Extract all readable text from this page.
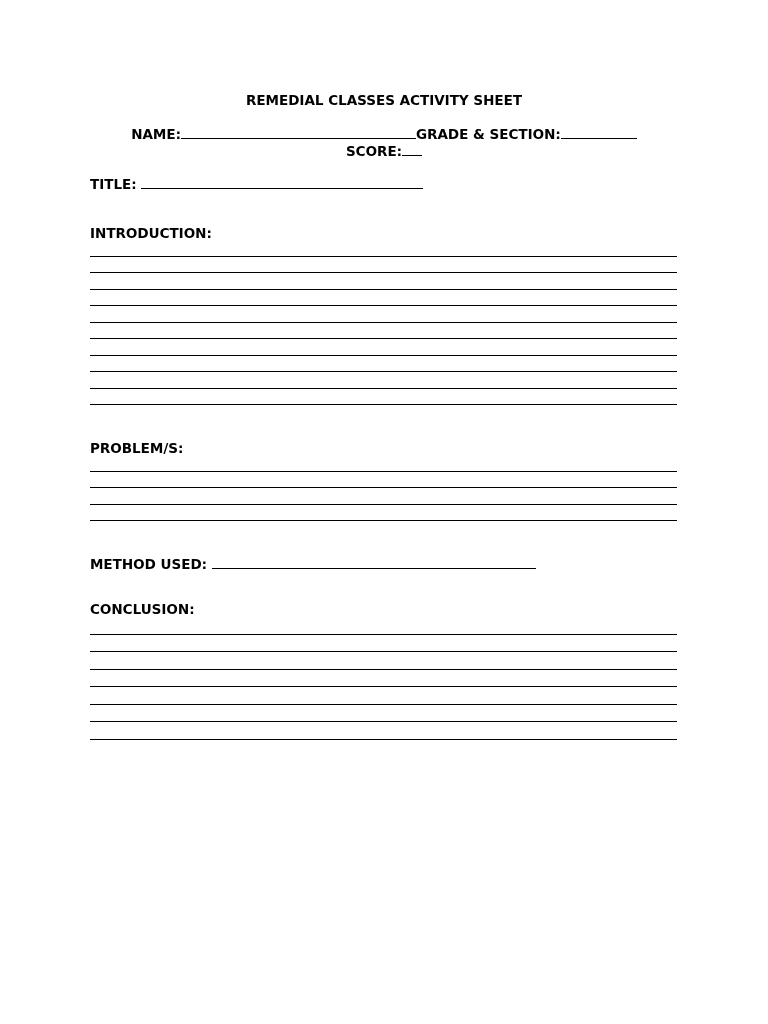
REMEDIAL CLASSES ACTIVITY SHEET
NAME:	GRADE & SECTION:
SCORE:
TITLE:
INTRODUCTION:
PROBLEM/S:
METHOD USED:
CONCLUSION:
